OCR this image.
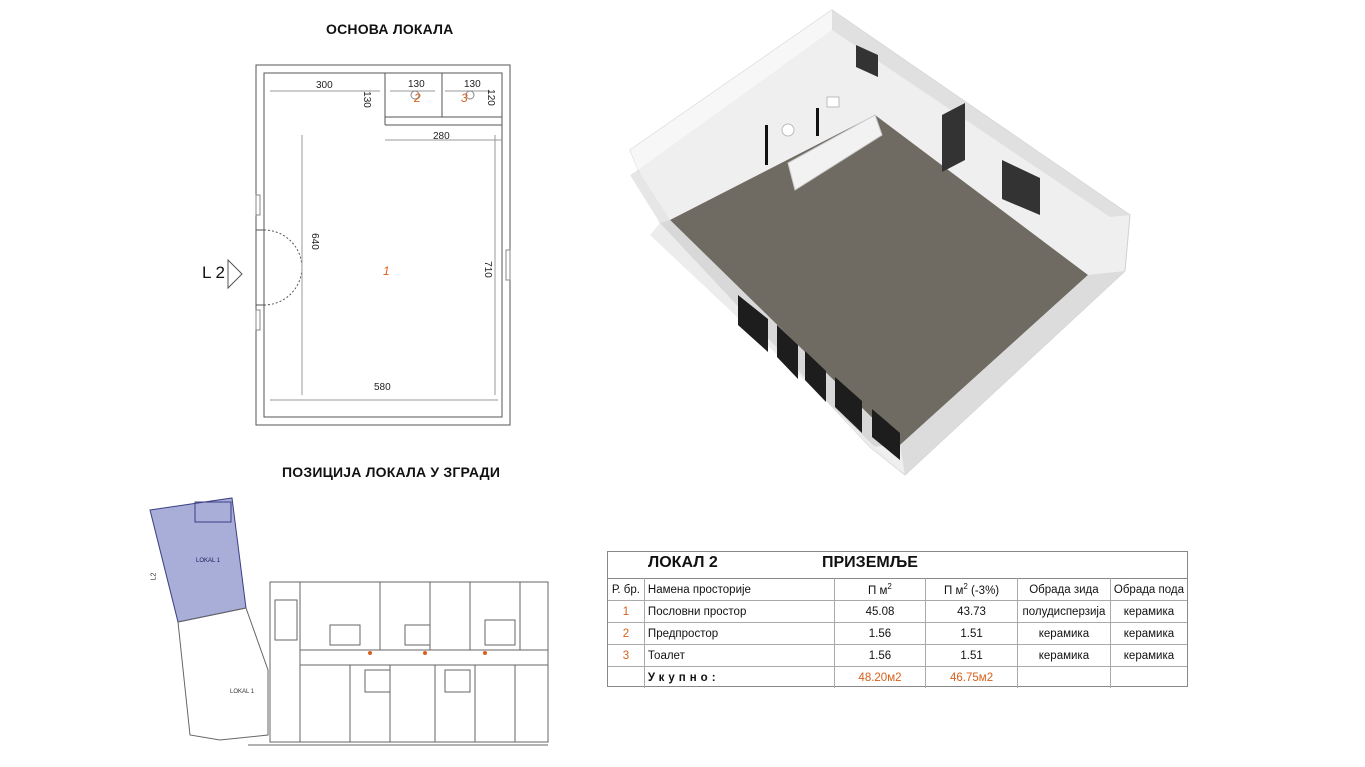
ОСНОВА ЛОКАЛА
300	130	130
120
130
280
640
710
580
1
2	3
L 2
ПОЗИЦИЈА ЛОКАЛА У ЗГРАДИ
LOKAL 1
LOKAL 1
L2
ЛОКАЛ 2	ПРИЗЕМЉЕ
Р. бр.	Намена просторије	П $м^2$	П $м^2$ (-3%)	Обрада зида	Обрада пода
1	Пословни простор	45.08	43.73	полудисперзија	керамика
2	Предпростор	1.56	1.51	керамика	керамика
3	Тоалет	1.56	1.51	керамика	керамика
	Укупно:	48.20м2	46.75м2		
